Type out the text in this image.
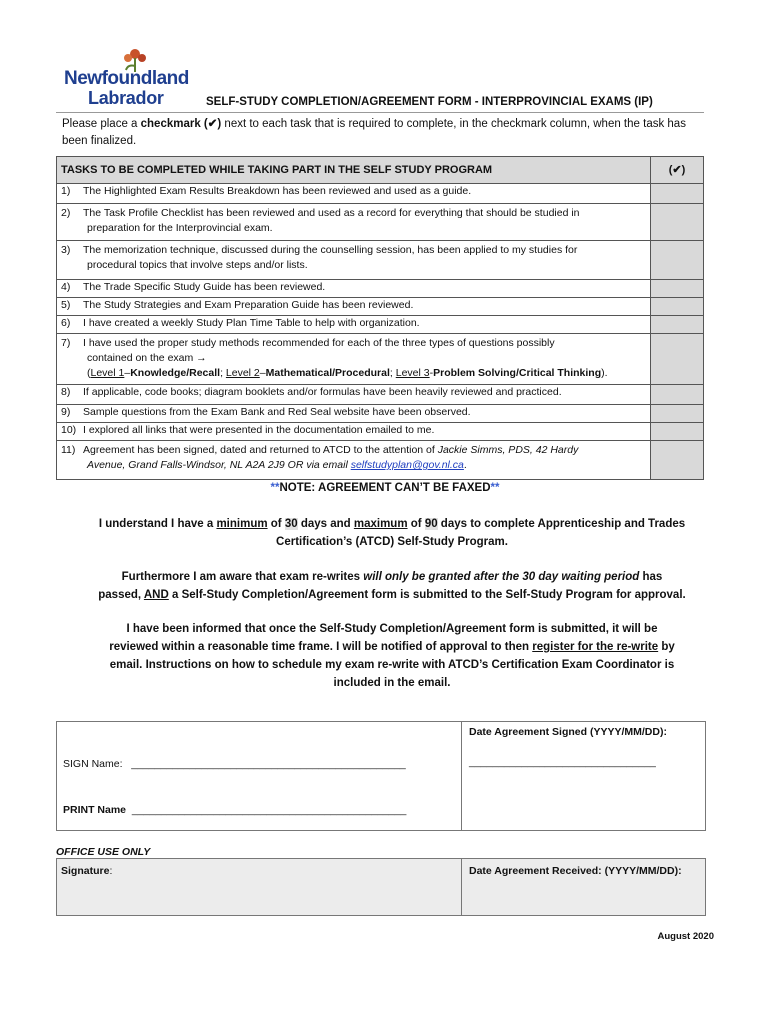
Newfoundland
Labrador	SELF-STUDY COMPLETION/AGREEMENT FORM - INTERPROVINCIAL EXAMS (IP)
Please place a checkmark (✔) next to each task that is required to complete, in the checkmark column, when the task has been finalized.
TASKS TO BE COMPLETED WHILE TAKING PART IN THE SELF STUDY PROGRAM	(✔)
1) The Highlighted Exam Results Breakdown has been reviewed and used as a guide.	
2) The Task Profile Checklist has been reviewed and used as a record for everything that should be studied in
preparation for the Interprovincial exam.	

3) The memorization technique, discussed during the counselling session, has been applied to my studies for
procedural topics that involve steps and/or lists.	

4) The Trade Specific Study Guide has been reviewed.	
5) The Study Strategies and Exam Preparation Guide has been reviewed.	
6) I have created a weekly Study Plan Time Table to help with organization.	
7) I have used the proper study methods recommended for each of the three types of questions possibly
contained on the exam →
(Level 1–Knowledge/Recall; Level 2–Mathematical/Procedural; Level 3-Problem Solving/Critical Thinking).	

8) If applicable, code books; diagram booklets and/or formulas have been heavily reviewed and practiced.	
9) Sample questions from the Exam Bank and Red Seal website have been observed.	
10) I explored all links that were presented in the documentation emailed to me.	
11) Agreement has been signed, dated and returned to ATCD to the attention of Jackie Simms, PDS, 42 Hardy
Avenue, Grand Falls-Windsor, NL A2A 2J9 OR via email selfstudyplan@gov.nl.ca.	

**NOTE: AGREEMENT CAN’T BE FAXED**
I understand I have a minimum of 30 days and maximum of 90 days to complete Apprenticeship and Trades
Certification’s (ATCD) Self-Study Program.
Furthermore I am aware that exam re-writes will only be granted after the 30 day waiting period has
passed, AND a Self-Study Completion/Agreement form is submitted to the Self-Study Program for approval.
I have been informed that once the Self-Study Completion/Agreement form is submitted, it will be
reviewed within a reasonable time frame. I will be notified of approval to then register for the re-write by
email. Instructions on how to schedule my exam re-write with ATCD’s Certification Exam Coordinator is
included in the email.
SIGN Name: _______________________________________________
PRINT Name _______________________________________________
Date Agreement Signed (YYYY/MM/DD):
________________________________
OFFICE USE ONLY
Signature:	Date Agreement Received: (YYYY/MM/DD):
August 2020
